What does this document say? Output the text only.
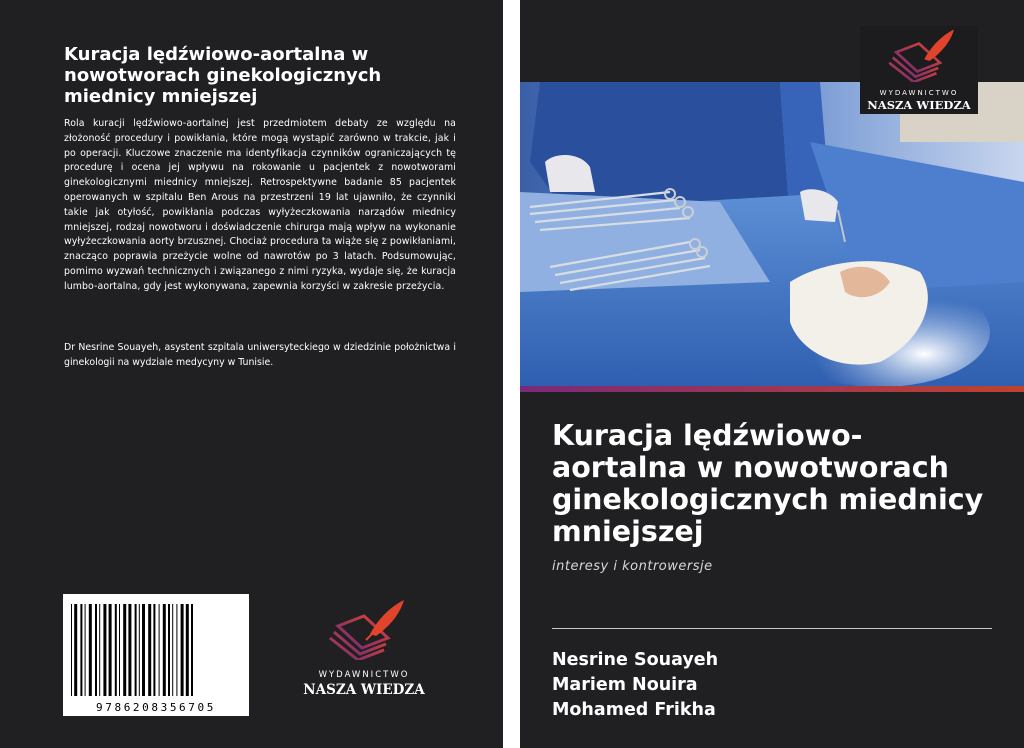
Kuracja lędźwiowo-aortalna w nowotworach ginekologicznych miednicy mniejszej

Rola kuracji lędźwiowo-aortalnej jest przedmiotem debaty ze względu na złożoność procedury i powikłania, które mogą wystąpić zarówno w trakcie, jak i po operacji. Kluczowe znaczenie ma identyfikacja czynników ograniczających tę procedurę i ocena jej wpływu na rokowanie u pacjentek z nowotworami ginekologicznymi miednicy mniejszej. Retrospektywne badanie 85 pacjentek operowanych w szpitalu Ben Arous na przestrzeni 19 lat ujawniło, że czynniki takie jak otyłość, powikłania podczas wyłyżeczkowania narządów miednicy mniejszej, rodzaj nowotworu i doświadczenie chirurga mają wpływ na wykonanie wyłyżeczkowania aorty brzusznej. Chociaż procedura ta wiąże się z powikłaniami, znacząco poprawia przeżycie wolne od nawrotów po 3 latach. Podsumowując, pomimo wyzwań technicznych i związanego z nimi ryzyka, wydaje się, że kuracja lumbo-aortalna, gdy jest wykonywana, zapewnia korzyści w zakresie przeżycia.

Dr Nesrine Souayeh, asystent szpitala uniwersyteckiego w dziedzinie położnictwa i ginekologii na wydziale medycyny w Tunisie.

9786208356705
WYDAWNICTWO
NASZA WIEDZA
WYDAWNICTWO
NASZA WIEDZA
Kuracja lędźwiowo-aortalna w nowotworach ginekologicznych miednicy mniejszej
interesy i kontrowersje
Nesrine Souayeh
Mariem Nouira
Mohamed Frikha
